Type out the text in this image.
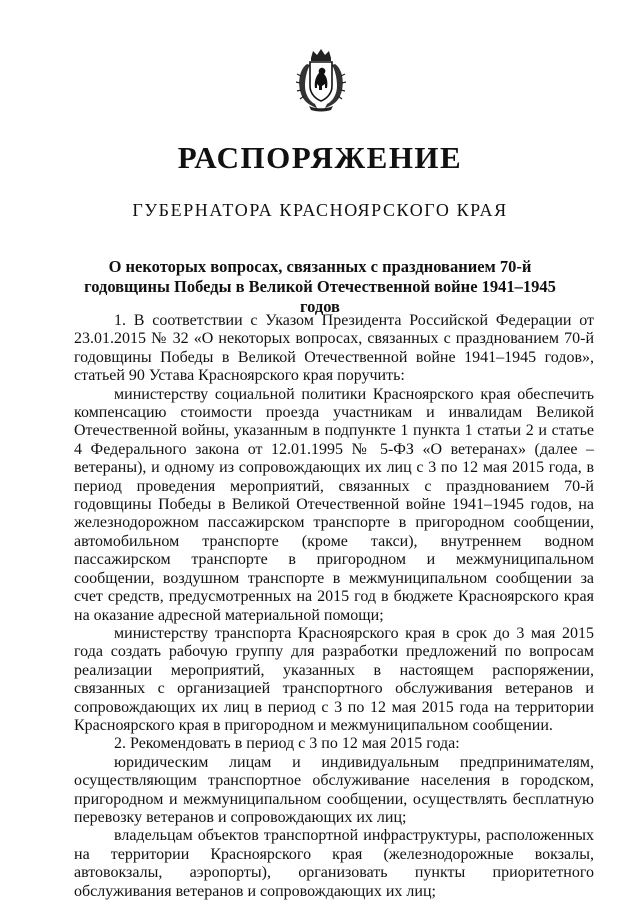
РАСПОРЯЖЕНИЕ
ГУБЕРНАТОРА КРАСНОЯРСКОГО КРАЯ
О некоторых вопросах, связанных с празднованием 70-й годовщины Победы в Великой Отечественной войне 1941–1945 годов

1. В соответствии с Указом Президента Российской Федерации от 23.01.2015 № 32 «О некоторых вопросах, связанных с празднованием 70-й годовщины Победы в Великой Отечественной войне 1941–1945 годов», статьей 90 Устава Красноярского края поручить:

министерству социальной политики Красноярского края обеспечить компенсацию стоимости проезда участникам и инвалидам Великой Отечественной войны, указанным в подпункте 1 пункта 1 статьи 2 и статье 4 Федерального закона от 12.01.1995 № 5-ФЗ «О ветеранах» (далее – ветераны), и одному из сопровождающих их лиц с 3 по 12 мая 2015 года, в период проведения мероприятий, связанных с празднованием 70-й годовщины Победы в Великой Отечественной войне 1941–1945 годов, на железнодорожном пассажирском транспорте в пригородном сообщении, автомобильном транспорте (кроме такси), внутреннем водном пассажирском транспорте в пригородном и межмуниципальном сообщении, воздушном транспорте в межмуниципальном сообщении за счет средств, предусмотренных на 2015 год в бюджете Красноярского края на оказание адресной материальной помощи;

министерству транспорта Красноярского края в срок до 3 мая 2015 года создать рабочую группу для разработки предложений по вопросам реализации мероприятий, указанных в настоящем распоряжении, связанных с организацией транспортного обслуживания ветеранов и сопровождающих их лиц в период с 3 по 12 мая 2015 года на территории Красноярского края в пригородном и межмуниципальном сообщении.

2. Рекомендовать в период с 3 по 12 мая 2015 года:

юридическим лицам и индивидуальным предпринимателям, осуществляющим транспортное обслуживание населения в городском, пригородном и межмуниципальном сообщении, осуществлять бесплатную перевозку ветеранов и сопровождающих их лиц;

владельцам объектов транспортной инфраструктуры, расположенных на территории Красноярского края (железнодорожные вокзалы, автовокзалы, аэропорты), организовать пункты приоритетного обслуживания ветеранов и сопровождающих их лиц;
